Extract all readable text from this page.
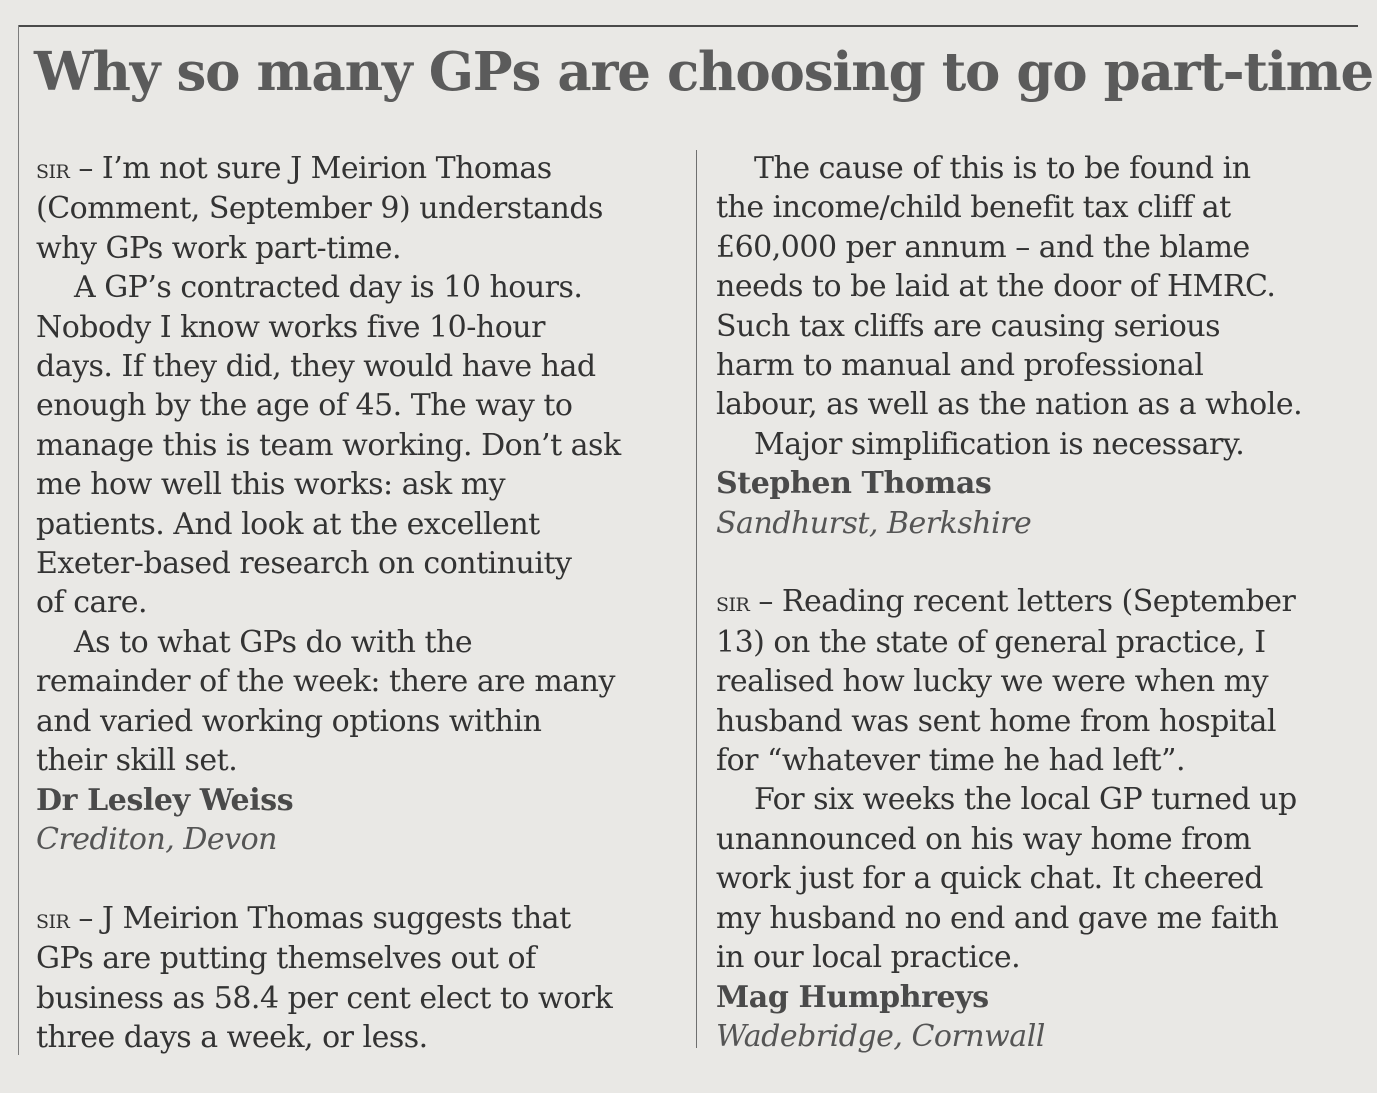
Why so many GPs are choosing to go part-time
sir – I’m not sure J Meirion Thomas
(Comment, September 9) understands
why GPs work part-time.
A GP’s contracted day is 10 hours.
Nobody I know works five 10-hour
days. If they did, they would have had
enough by the age of 45. The way to
manage this is team working. Don’t ask
me how well this works: ask my
patients. And look at the excellent
Exeter-based research on continuity
of care.
As to what GPs do with the
remainder of the week: there are many
and varied working options within
their skill set.
Dr Lesley Weiss
Crediton, Devon
sir – J Meirion Thomas suggests that
GPs are putting themselves out of
business as 58.4 per cent elect to work
three days a week, or less.
The cause of this is to be found in
the income/child benefit tax cliff at
£60,000 per annum – and the blame
needs to be laid at the door of HMRC.
Such tax cliffs are causing serious
harm to manual and professional
labour, as well as the nation as a whole.
Major simplification is necessary.
Stephen Thomas
Sandhurst, Berkshire
sir – Reading recent letters (September
13) on the state of general practice, I
realised how lucky we were when my
husband was sent home from hospital
for “whatever time he had left”.
For six weeks the local GP turned up
unannounced on his way home from
work just for a quick chat. It cheered
my husband no end and gave me faith
in our local practice.
Mag Humphreys
Wadebridge, Cornwall
